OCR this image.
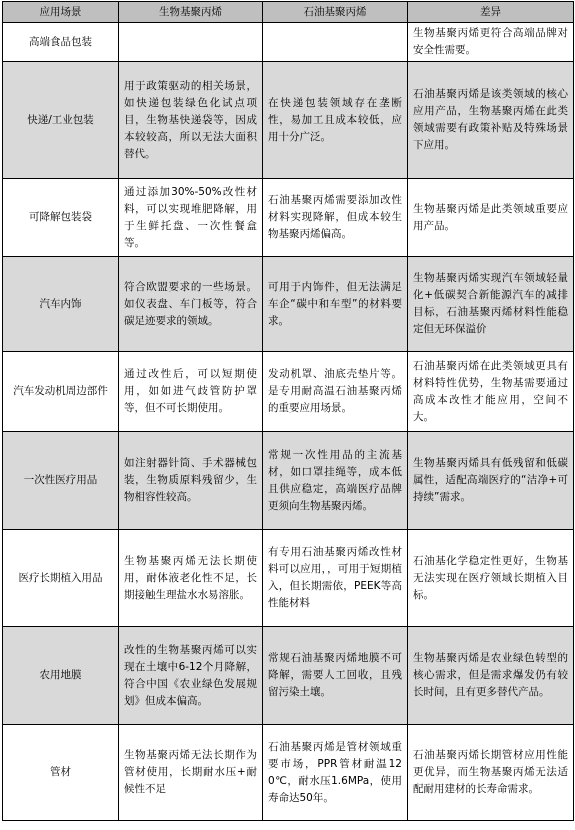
应用场景	生物基聚丙烯	石油基聚丙烯	差异
高端食品包装			生物基聚丙烯更符合高端品牌对安全性需要。
快递/工业包装	用于政策驱动的相关场景，如快递包装绿色化试点项目，生物基快递袋等，因成本较较高，所以无法大面积替代。	在快递包装领域存在垄断性，易加工且成本较低，应用十分广泛。	石油基聚丙烯是该类领域的核心应用产品，生物基聚丙烯在此类领域需要有政策补贴及特殊场景下应用。
可降解包装袋	通过添加30%-50%改性材料，可以实现堆肥降解，用于生鲜托盘、一次性餐盒等。	石油基聚丙烯需要添加改性材料实现降解，但成本较生物基聚丙烯偏高。	生物基聚丙烯是此类领域重要应用产品。
汽车内饰	符合欧盟要求的一些场景。如仪表盘、车门板等，符合碳足迹要求的领域。	可用于内饰件，但无法满足车企“碳中和车型”的材料要求。	生物基聚丙烯实现汽车领域轻量化+低碳契合新能源汽车的减排目标，石油基聚丙烯材料性能稳定但无环保溢价
汽车发动机周边部件	通过改性后，可以短期使用，如如进气歧管防护罩等，但不可长期使用。	发动机罩、油底壳垫片等。是专用耐高温石油基聚丙烯的重要应用场景。	石油基聚丙烯在此类领域更具有材料特性优势，生物基需要通过高成本改性才能应用，空间不大。
一次性医疗用品	如注射器针筒、手术器械包装，生物质原料残留少，生物相容性较高。	常规一次性用品的主流基材，如口罩挂绳等，成本低且供应稳定，高端医疗品牌更须向生物基聚丙烯。	生物基聚丙烯具有低残留和低碳属性，适配高端医疗的“洁净+可持续”需求。
医疗长期植入用品	生物基聚丙烯无法长期使用，耐体液老化性不足，长期接触生理盐水水易溶胀。	有专用石油基聚丙烯改性材料可以应用，，可用于短期植入，但长期需依，PEEK等高性能材料	石油基化学稳定性更好，生物基无法实现在医疗领域长期植入目标。
农用地膜	改性的生物基聚丙烯可以实现在土壤中6-12个月降解，符合中国《农业绿色发展规划》但成本偏高。	常规石油基聚丙烯地膜不可降解，需要人工回收，且残留污染土壤。	生物基聚丙烯是农业绿色转型的核心需求，但是需求爆发仍有较长时间，且有更多替代产品。
管材	生物基聚丙烯无法长期作为管材使用，长期耐水压+耐候性不足	石油基聚丙烯是管材领域重要市场，PPR管材耐温120℃，耐水压1.6MPa，使用寿命达50年。	石油基聚丙烯长期管材应用性能更优异，而生物基聚丙烯无法适配耐用建材的长寿命需求。
